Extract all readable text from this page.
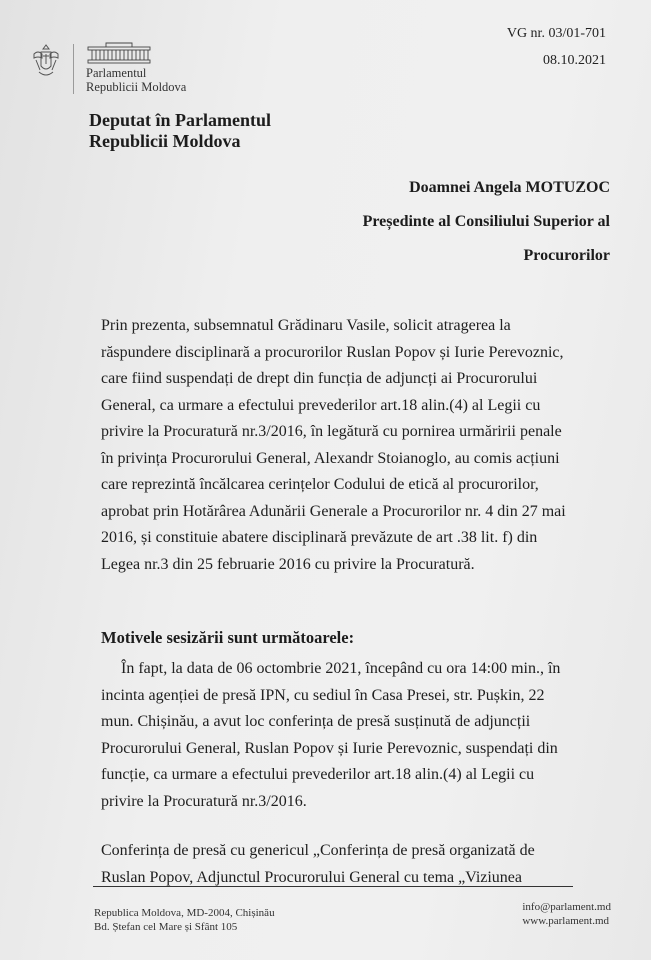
Parlamentul
Republicii Moldova
VG nr. 03/01-701
08.10.2021
Deputat în Parlamentul
Republicii Moldova
Doamnei Angela MOTUZOC
Președinte al Consiliului Superior al
Procurorilor
Prin prezenta, subsemnatul Grădinaru Vasile, solicit atragerea la
răspundere disciplinară a procurorilor Ruslan Popov și Iurie Perevoznic,
care fiind suspendați de drept din funcția de adjuncți ai Procurorului
General, ca urmare a efectului prevederilor art.18 alin.(4) al Legii cu
privire la Procuratură nr.3/2016, în legătură cu pornirea urmăririi penale
în privința Procurorului General, Alexandr Stoianoglo, au comis acțiuni
care reprezintă încălcarea cerințelor Codului de etică al procurorilor,
aprobat prin Hotărârea Adunării Generale a Procurorilor nr. 4 din 27 mai
2016, și constituie abatere disciplinară prevăzute de art .38 lit. f) din
Legea nr.3 din 25 februarie 2016 cu privire la Procuratură.
Motivele sesizării sunt următoarele:
În fapt, la data de 06 octombrie 2021, începând cu ora 14:00 min., în
incinta agenției de presă IPN, cu sediul în Casa Presei, str. Pușkin, 22
mun. Chișinău, a avut loc conferința de presă susținută de adjuncții
Procurorului General, Ruslan Popov și Iurie Perevoznic, suspendați din
funcție, ca urmare a efectului prevederilor art.18 alin.(4) al Legii cu
privire la Procuratură nr.3/2016.
Conferința de presă cu genericul „Conferința de presă organizată de
Ruslan Popov, Adjunctul Procurorului General cu tema „Viziunea
Republica Moldova, MD-2004, Chișinău
Bd. Ștefan cel Mare și Sfânt 105
info@parlament.md
www.parlament.md
